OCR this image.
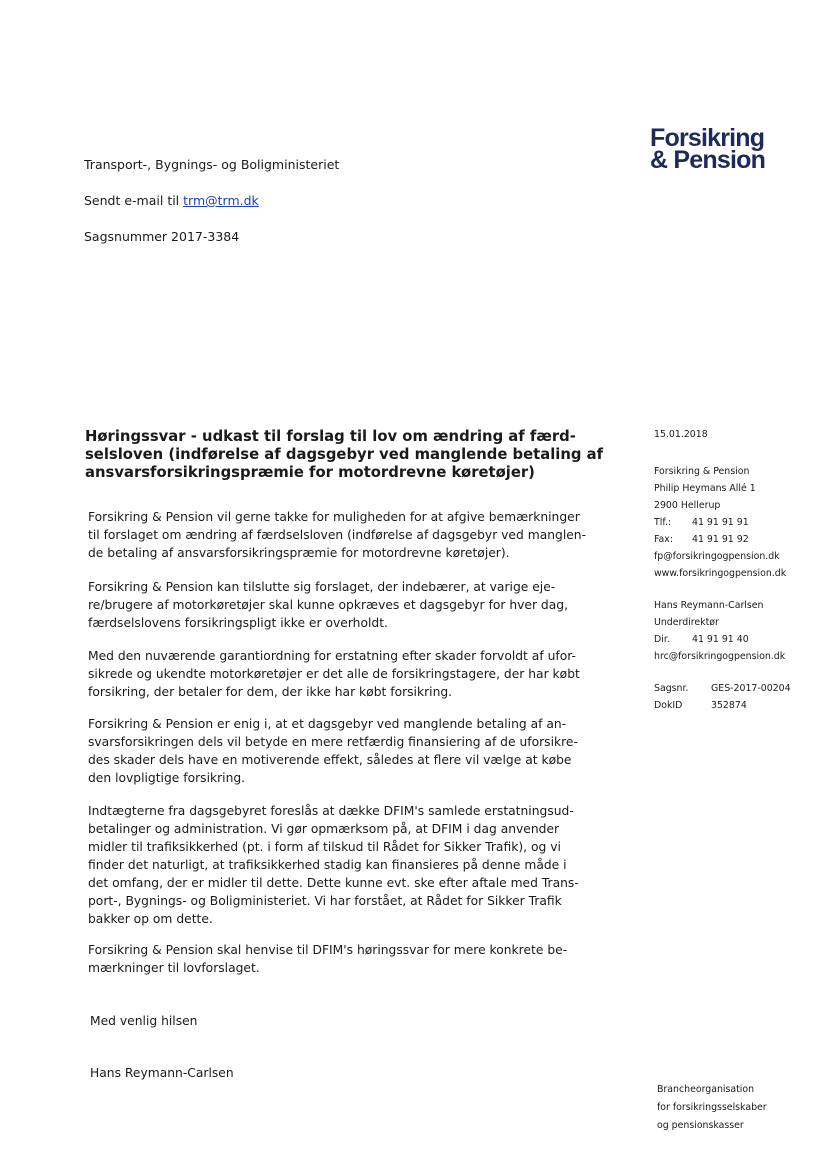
Forsikring
& Pension
Transport-, Bygnings- og Boligministeriet
Sendt e-mail til trm@trm.dk
Sagsnummer 2017-3384
Høringssvar - udkast til forslag til lov om ændring af færd-
selsloven (indførelse af dagsgebyr ved manglende betaling af
ansvarsforsikringspræmie for motordrevne køretøjer)
Forsikring & Pension vil gerne takke for muligheden for at afgive bemærkninger
til forslaget om ændring af færdselsloven (indførelse af dagsgebyr ved manglen-
de betaling af ansvarsforsikringspræmie for motordrevne køretøjer).
Forsikring & Pension kan tilslutte sig forslaget, der indebærer, at varige eje-
re/brugere af motorkøretøjer skal kunne opkræves et dagsgebyr for hver dag,
færdselslovens forsikringspligt ikke er overholdt.
Med den nuværende garantiordning for erstatning efter skader forvoldt af ufor-
sikrede og ukendte motorkøretøjer er det alle de forsikringstagere, der har købt
forsikring, der betaler for dem, der ikke har købt forsikring.
Forsikring & Pension er enig i, at et dagsgebyr ved manglende betaling af an-
svarsforsikringen dels vil betyde en mere retfærdig finansiering af de uforsikre-
des skader dels have en motiverende effekt, således at flere vil vælge at købe
den lovpligtige forsikring.
Indtægterne fra dagsgebyret foreslås at dække DFIM's samlede erstatningsud-
betalinger og administration. Vi gør opmærksom på, at DFIM i dag anvender
midler til trafiksikkerhed (pt. i form af tilskud til Rådet for Sikker Trafik), og vi
finder det naturligt, at trafiksikkerhed stadig kan finansieres på denne måde i
det omfang, der er midler til dette. Dette kunne evt. ske efter aftale med Trans-
port-, Bygnings- og Boligministeriet. Vi har forstået, at Rådet for Sikker Trafik
bakker op om dette.
Forsikring & Pension skal henvise til DFIM's høringssvar for mere konkrete be-
mærkninger til lovforslaget.
Med venlig hilsen
Hans Reymann-Carlsen
15.01.2018
Forsikring & Pension
Philip Heymans Allé 1
2900 Hellerup
Tlf.: 41 91 91 91
Fax: 41 91 91 92
fp@forsikringogpension.dk
www.forsikringogpension.dk
Hans Reymann-Carlsen
Underdirektør
Dir. 41 91 91 40
hrc@forsikringogpension.dk
Sagsnr. GES-2017-00204
DokID	352874
Brancheorganisation
for forsikringsselskaber
og pensionskasser
